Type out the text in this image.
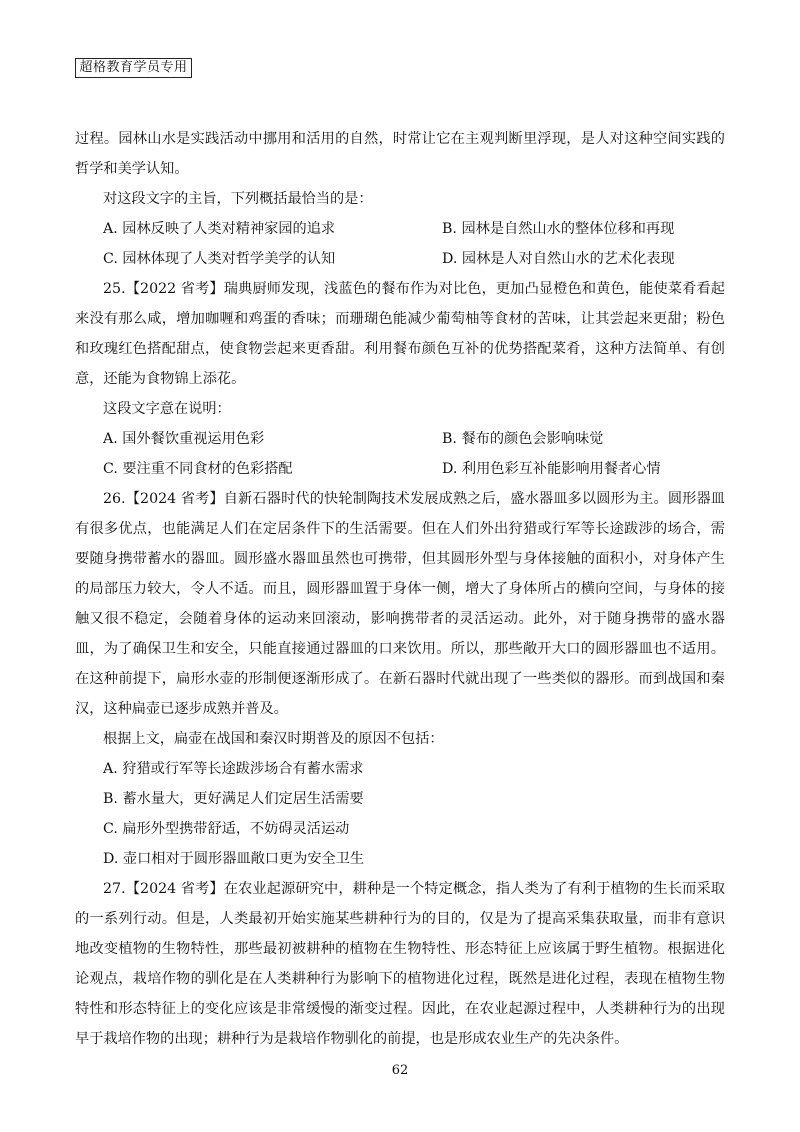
超格教育学员专用

过程。园林山水是实践活动中挪用和活用的自然，时常让它在主观判断里浮现，是人对这种空间实践的哲学和美学认知。

对这段文字的主旨，下列概括最恰当的是：

A. 园林反映了人类对精神家园的追求	B. 园林是自然山水的整体位移和再现
C. 园林体现了人类对哲学美学的认知	D. 园林是人对自然山水的艺术化表现

25.【2022 省考】瑞典厨师发现，浅蓝色的餐布作为对比色，更加凸显橙色和黄色，能使菜肴看起来没有那么咸，增加咖喱和鸡蛋的香味；而珊瑚色能减少葡萄柚等食材的苦味，让其尝起来更甜；粉色和玫瑰红色搭配甜点，使食物尝起来更香甜。利用餐布颜色互补的优势搭配菜肴，这种方法简单、有创意，还能为食物锦上添花。

这段文字意在说明：

A. 国外餐饮重视运用色彩	B. 餐布的颜色会影响味觉
C. 要注重不同食材的色彩搭配	D. 利用色彩互补能影响用餐者心情

26.【2024 省考】自新石器时代的快轮制陶技术发展成熟之后，盛水器皿多以圆形为主。圆形器皿有很多优点，也能满足人们在定居条件下的生活需要。但在人们外出狩猎或行军等长途跋涉的场合，需要随身携带蓄水的器皿。圆形盛水器皿虽然也可携带，但其圆形外型与身体接触的面积小，对身体产生的局部压力较大，令人不适。而且，圆形器皿置于身体一侧，增大了身体所占的横向空间，与身体的接触又很不稳定，会随着身体的运动来回滚动，影响携带者的灵活运动。此外，对于随身携带的盛水器皿，为了确保卫生和安全，只能直接通过器皿的口来饮用。所以，那些敞开大口的圆形器皿也不适用。在这种前提下，扁形水壶的形制便逐渐形成了。在新石器时代就出现了一些类似的器形。而到战国和秦汉，这种扁壶已逐步成熟并普及。

根据上文，扁壶在战国和秦汉时期普及的原因不包括：

A. 狩猎或行军等长途跋涉场合有蓄水需求
B. 蓄水量大，更好满足人们定居生活需要
C. 扁形外型携带舒适，不妨碍灵活运动
D. 壶口相对于圆形器皿敞口更为安全卫生

27.【2024 省考】在农业起源研究中，耕种是一个特定概念，指人类为了有利于植物的生长而采取的一系列行动。但是，人类最初开始实施某些耕种行为的目的，仅是为了提高采集获取量，而非有意识地改变植物的生物特性，那些最初被耕种的植物在生物特性、形态特征上应该属于野生植物。根据进化论观点，栽培作物的驯化是在人类耕种行为影响下的植物进化过程，既然是进化过程，表现在植物生物特性和形态特征上的变化应该是非常缓慢的渐变过程。因此，在农业起源过程中，人类耕种行为的出现早于栽培作物的出现；耕种行为是栽培作物驯化的前提，也是形成农业生产的先决条件。

62
